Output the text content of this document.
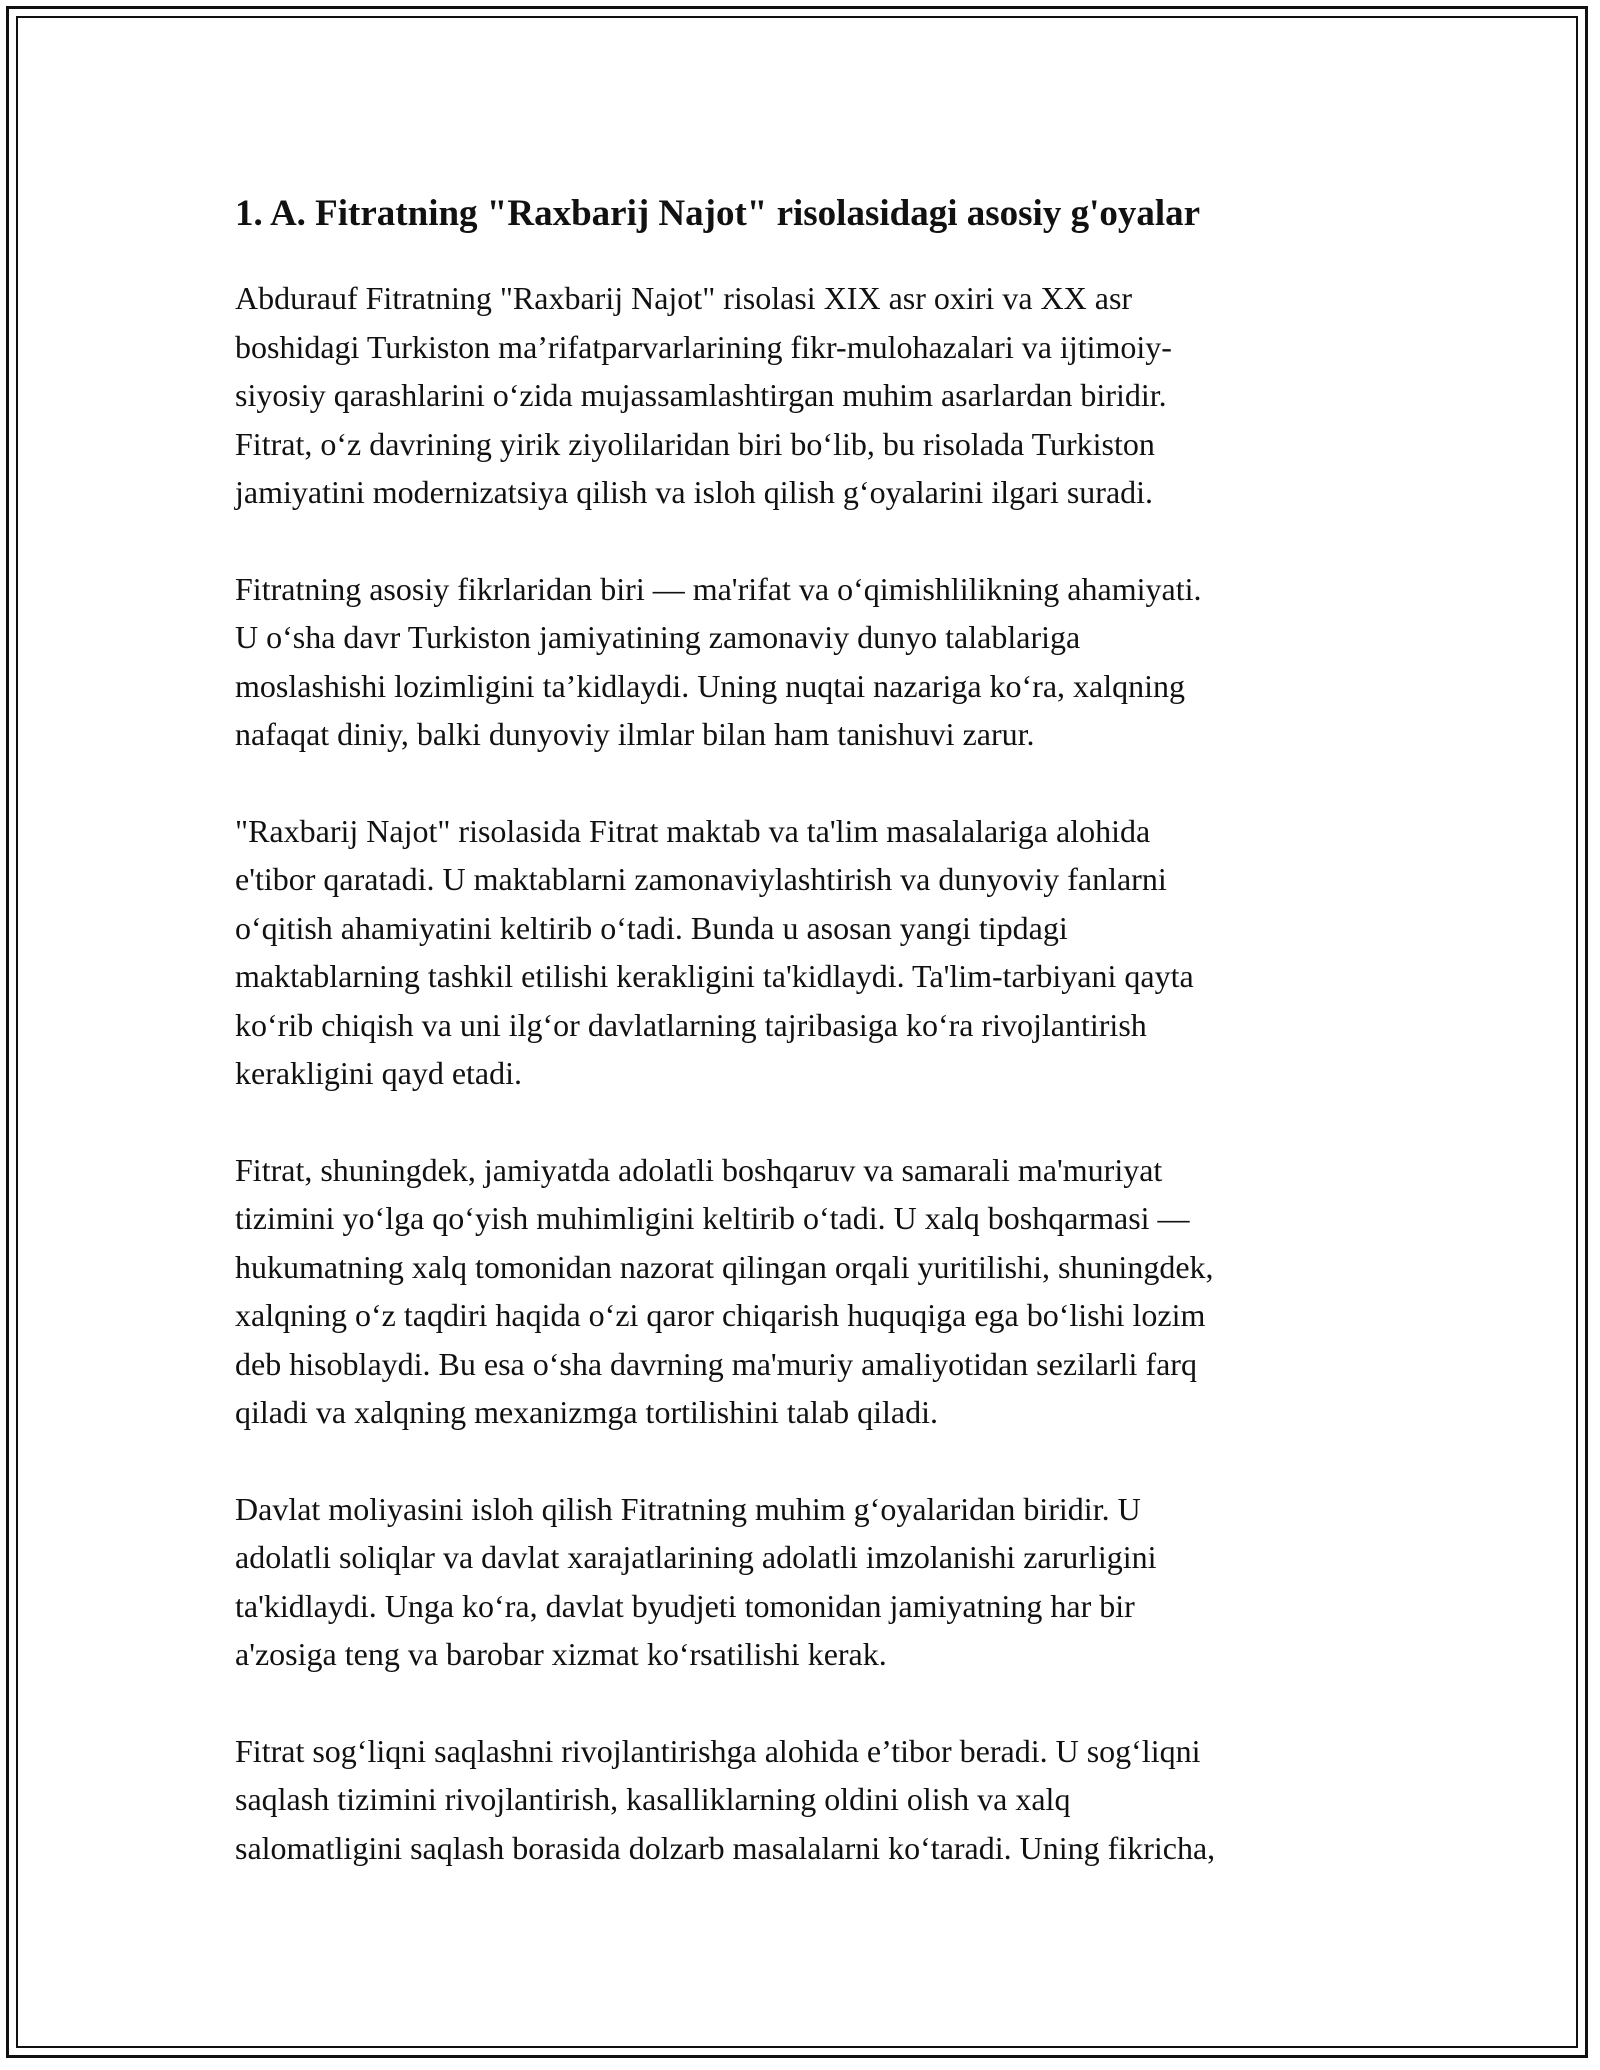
1. A. Fitratning "Raxbarij Najot" risolasidagi asosiy g'oyalar

Abdurauf Fitratning "Raxbarij Najot" risolasi XIX asr oxiri va XX asr
boshidagi Turkiston ma’rifatparvarlarining fikr-mulohazalari va ijtimoiy-
siyosiy qarashlarini o‘zida mujassamlashtirgan muhim asarlardan biridir.
Fitrat, o‘z davrining yirik ziyolilaridan biri bo‘lib, bu risolada Turkiston
jamiyatini modernizatsiya qilish va isloh qilish g‘oyalarini ilgari suradi.

Fitratning asosiy fikrlaridan biri — ma'rifat va o‘qimishlilikning ahamiyati.
U o‘sha davr Turkiston jamiyatining zamonaviy dunyo talablariga
moslashishi lozimligini ta’kidlaydi. Uning nuqtai nazariga ko‘ra, xalqning
nafaqat diniy, balki dunyoviy ilmlar bilan ham tanishuvi zarur.

"Raxbarij Najot" risolasida Fitrat maktab va ta'lim masalalariga alohida
e'tibor qaratadi. U maktablarni zamonaviylashtirish va dunyoviy fanlarni
o‘qitish ahamiyatini keltirib o‘tadi. Bunda u asosan yangi tipdagi
maktablarning tashkil etilishi kerakligini ta'kidlaydi. Ta'lim-tarbiyani qayta
ko‘rib chiqish va uni ilg‘or davlatlarning tajribasiga ko‘ra rivojlantirish
kerakligini qayd etadi.

Fitrat, shuningdek, jamiyatda adolatli boshqaruv va samarali ma'muriyat
tizimini yo‘lga qo‘yish muhimligini keltirib o‘tadi. U xalq boshqarmasi —
hukumatning xalq tomonidan nazorat qilingan orqali yuritilishi, shuningdek,
xalqning o‘z taqdiri haqida o‘zi qaror chiqarish huquqiga ega bo‘lishi lozim
deb hisoblaydi. Bu esa o‘sha davrning ma'muriy amaliyotidan sezilarli farq
qiladi va xalqning mexanizmga tortilishini talab qiladi.

Davlat moliyasini isloh qilish Fitratning muhim g‘oyalaridan biridir. U
adolatli soliqlar va davlat xarajatlarining adolatli imzolanishi zarurligini
ta'kidlaydi. Unga ko‘ra, davlat byudjeti tomonidan jamiyatning har bir
a'zosiga teng va barobar xizmat ko‘rsatilishi kerak.

Fitrat sog‘liqni saqlashni rivojlantirishga alohida e’tibor beradi. U sog‘liqni
saqlash tizimini rivojlantirish, kasalliklarning oldini olish va xalq
salomatligini saqlash borasida dolzarb masalalarni ko‘taradi. Uning fikricha,
